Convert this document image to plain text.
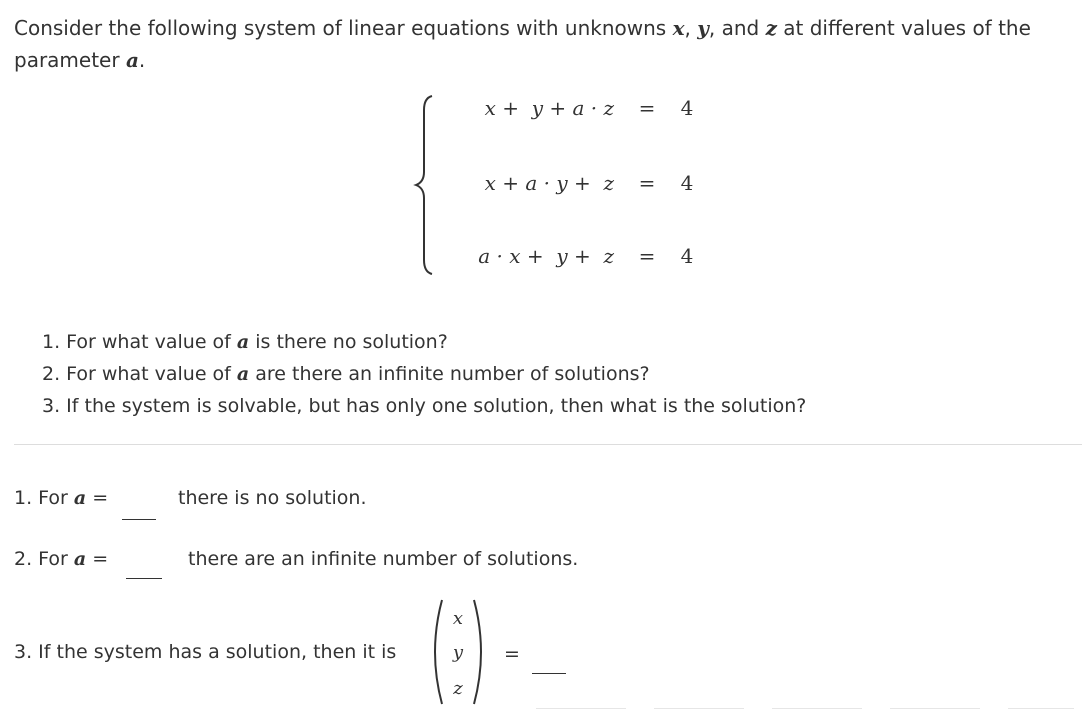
Consider the following system of linear equations with unknowns x, y, and z at different values of the parameter a.
x +  y + a · z =	4
x + a · y +  z =	4
a · x +  y +  z =	4
1. For what value of a is there no solution?
2. For what value of a are there an infinite number of solutions?
3. If the system is solvable, but has only one solution, then what is the solution?
1. For a =	there is no solution.
2. For a =	there are an infinite number of solutions.
3. If the system has a solution, then it is
x
y
z
=
